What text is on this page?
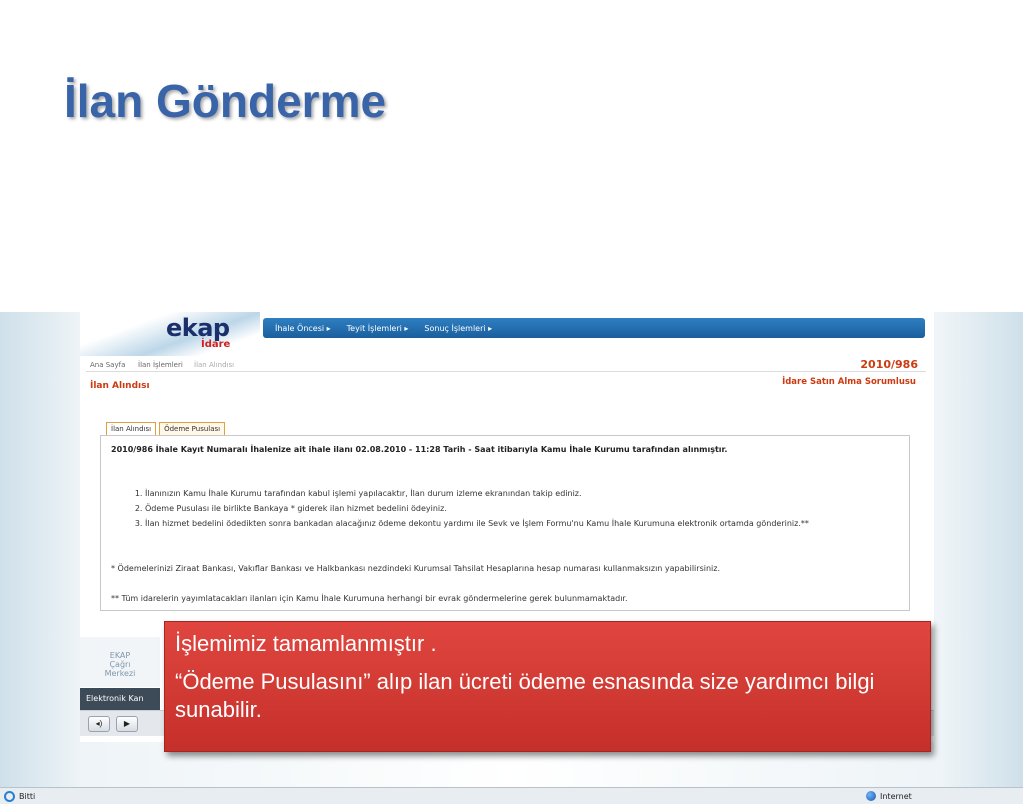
İlan Gönderme
ekap
İdare
İhale Öncesi ▸ Teyit İşlemleri ▸ Sonuç İşlemleri ▸
Ana Sayfa İlan İşlemleri İlan Alındısı	2010/986
İlan Alındısı	İdare Satın Alma Sorumlusu
İlan Alındısı	Ödeme Pusulası
2010/986 İhale Kayıt Numaralı İhalenize ait ihale ilanı 02.08.2010 - 11:28 Tarih - Saat itibarıyla Kamu İhale Kurumu tarafından alınmıştır.
1. İlanınızın Kamu İhale Kurumu tarafından kabul işlemi yapılacaktır, İlan durum izleme ekranından takip ediniz.
2. Ödeme Pusulası ile birlikte Bankaya * giderek ilan hizmet bedelini ödeyiniz.
3. İlan hizmet bedelini ödedikten sonra bankadan alacağınız ödeme dekontu yardımı ile Sevk ve İşlem Formu'nu Kamu İhale Kurumuna elektronik ortamda gönderiniz.**
* Ödemelerinizi Ziraat Bankası, Vakıflar Bankası ve Halkbankası nezdindeki Kurumsal Tahsilat Hesaplarına hesap numarası kullanmaksızın yapabilirsiniz.
** Tüm idarelerin yayımlatacakları ilanları için Kamu İhale Kurumuna herhangi bir evrak göndermelerine gerek bulunmamaktadır.
EKAP
Çağrı
Merkezi
Elektronik Kan
◂)	▶
Bitti	Internet

İşlemimiz tamamlanmıştır .

“Ödeme Pusulasını” alıp ilan ücreti ödeme esnasında size yardımcı bilgi sunabilir.
